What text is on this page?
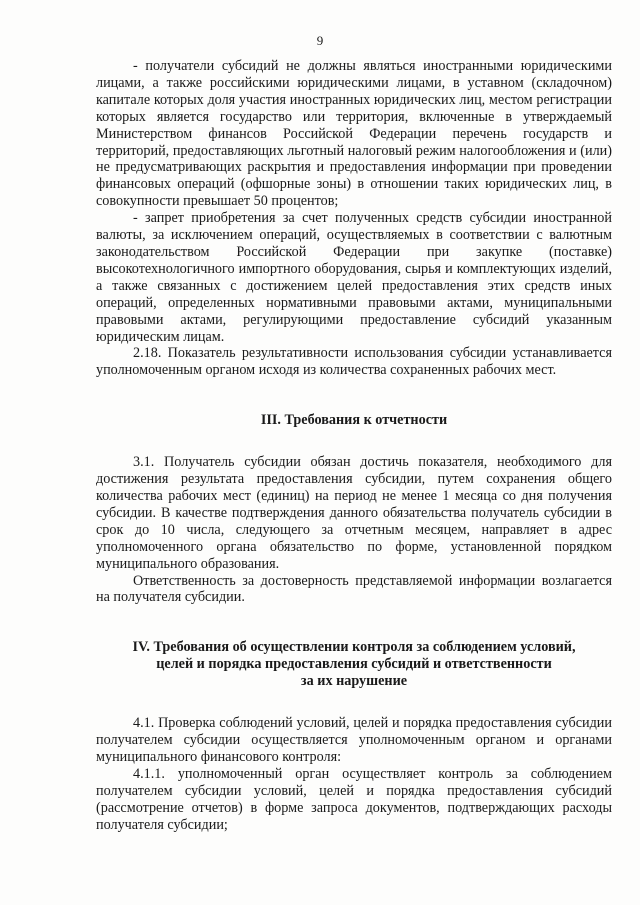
9

- получатели субсидий не должны являться иностранными юридическими лицами, а также российскими юридическими лицами, в уставном (складочном) капитале которых доля участия иностранных юридических лиц, местом регистрации которых является государство или территория, включенные в утверждаемый Министерством финансов Российской Федерации перечень государств и территорий, предоставляющих льготный налоговый режим налогообложения и (или) не предусматривающих раскрытия и предоставления информации при проведении финансовых операций (офшорные зоны) в отношении таких юридических лиц, в совокупности превышает 50 процентов;

- запрет приобретения за счет полученных средств субсидии иностранной валюты, за исключением операций, осуществляемых в соответствии с валютным законодательством Российской Федерации при закупке (поставке) высокотехнологичного импортного оборудования, сырья и комплектующих изделий, а также связанных с достижением целей предоставления этих средств иных операций, определенных нормативными правовыми актами, муниципальными правовыми актами, регулирующими предоставление субсидий указанным юридическим лицам.

2.18. Показатель результативности использования субсидии устанавливается уполномоченным органом исходя из количества сохраненных рабочих мест.

III. Требования к отчетности

3.1. Получатель субсидии обязан достичь показателя, необходимого для достижения результата предоставления субсидии, путем сохранения общего количества рабочих мест (единиц) на период не менее 1 месяца со дня получения субсидии. В качестве подтверждения данного обязательства получатель субсидии в срок до 10 числа, следующего за отчетным месяцем, направляет в адрес уполномоченного органа обязательство по форме, установленной порядком муниципального образования.

Ответственность за достоверность представляемой информации возлагается на получателя субсидии.

IV. Требования об осуществлении контроля за соблюдением условий,
целей и порядка предоставления субсидий и ответственности
за их нарушение

4.1. Проверка соблюдений условий, целей и порядка предоставления субсидии получателем субсидии осуществляется уполномоченным органом и органами муниципального финансового контроля:

4.1.1. уполномоченный орган осуществляет контроль за соблюдением получателем субсидии условий, целей и порядка предоставления субсидий (рассмотрение отчетов) в форме запроса документов, подтверждающих расходы получателя субсидии;
